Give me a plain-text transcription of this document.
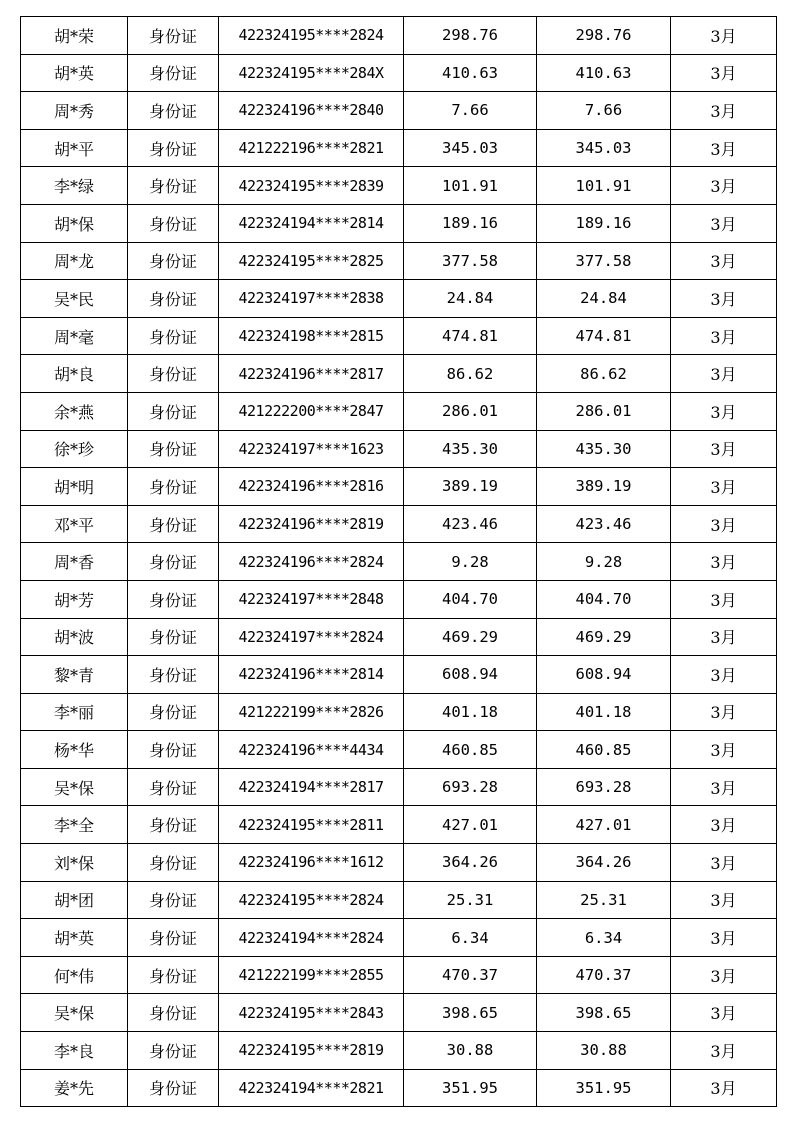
胡*荣	身份证	422324195****2824	298.76	298.76	3月
胡*英	身份证	422324195****284X	410.63	410.63	3月
周*秀	身份证	422324196****2840	7.66	7.66	3月
胡*平	身份证	421222196****2821	345.03	345.03	3月
李*绿	身份证	422324195****2839	101.91	101.91	3月
胡*保	身份证	422324194****2814	189.16	189.16	3月
周*龙	身份证	422324195****2825	377.58	377.58	3月
吴*民	身份证	422324197****2838	24.84	24.84	3月
周*毫	身份证	422324198****2815	474.81	474.81	3月
胡*良	身份证	422324196****2817	86.62	86.62	3月
余*燕	身份证	421222200****2847	286.01	286.01	3月
徐*珍	身份证	422324197****1623	435.30	435.30	3月
胡*明	身份证	422324196****2816	389.19	389.19	3月
邓*平	身份证	422324196****2819	423.46	423.46	3月
周*香	身份证	422324196****2824	9.28	9.28	3月
胡*芳	身份证	422324197****2848	404.70	404.70	3月
胡*波	身份证	422324197****2824	469.29	469.29	3月
黎*青	身份证	422324196****2814	608.94	608.94	3月
李*丽	身份证	421222199****2826	401.18	401.18	3月
杨*华	身份证	422324196****4434	460.85	460.85	3月
吴*保	身份证	422324194****2817	693.28	693.28	3月
李*全	身份证	422324195****2811	427.01	427.01	3月
刘*保	身份证	422324196****1612	364.26	364.26	3月
胡*团	身份证	422324195****2824	25.31	25.31	3月
胡*英	身份证	422324194****2824	6.34	6.34	3月
何*伟	身份证	421222199****2855	470.37	470.37	3月
吴*保	身份证	422324195****2843	398.65	398.65	3月
李*良	身份证	422324195****2819	30.88	30.88	3月
姜*先	身份证	422324194****2821	351.95	351.95	3月
